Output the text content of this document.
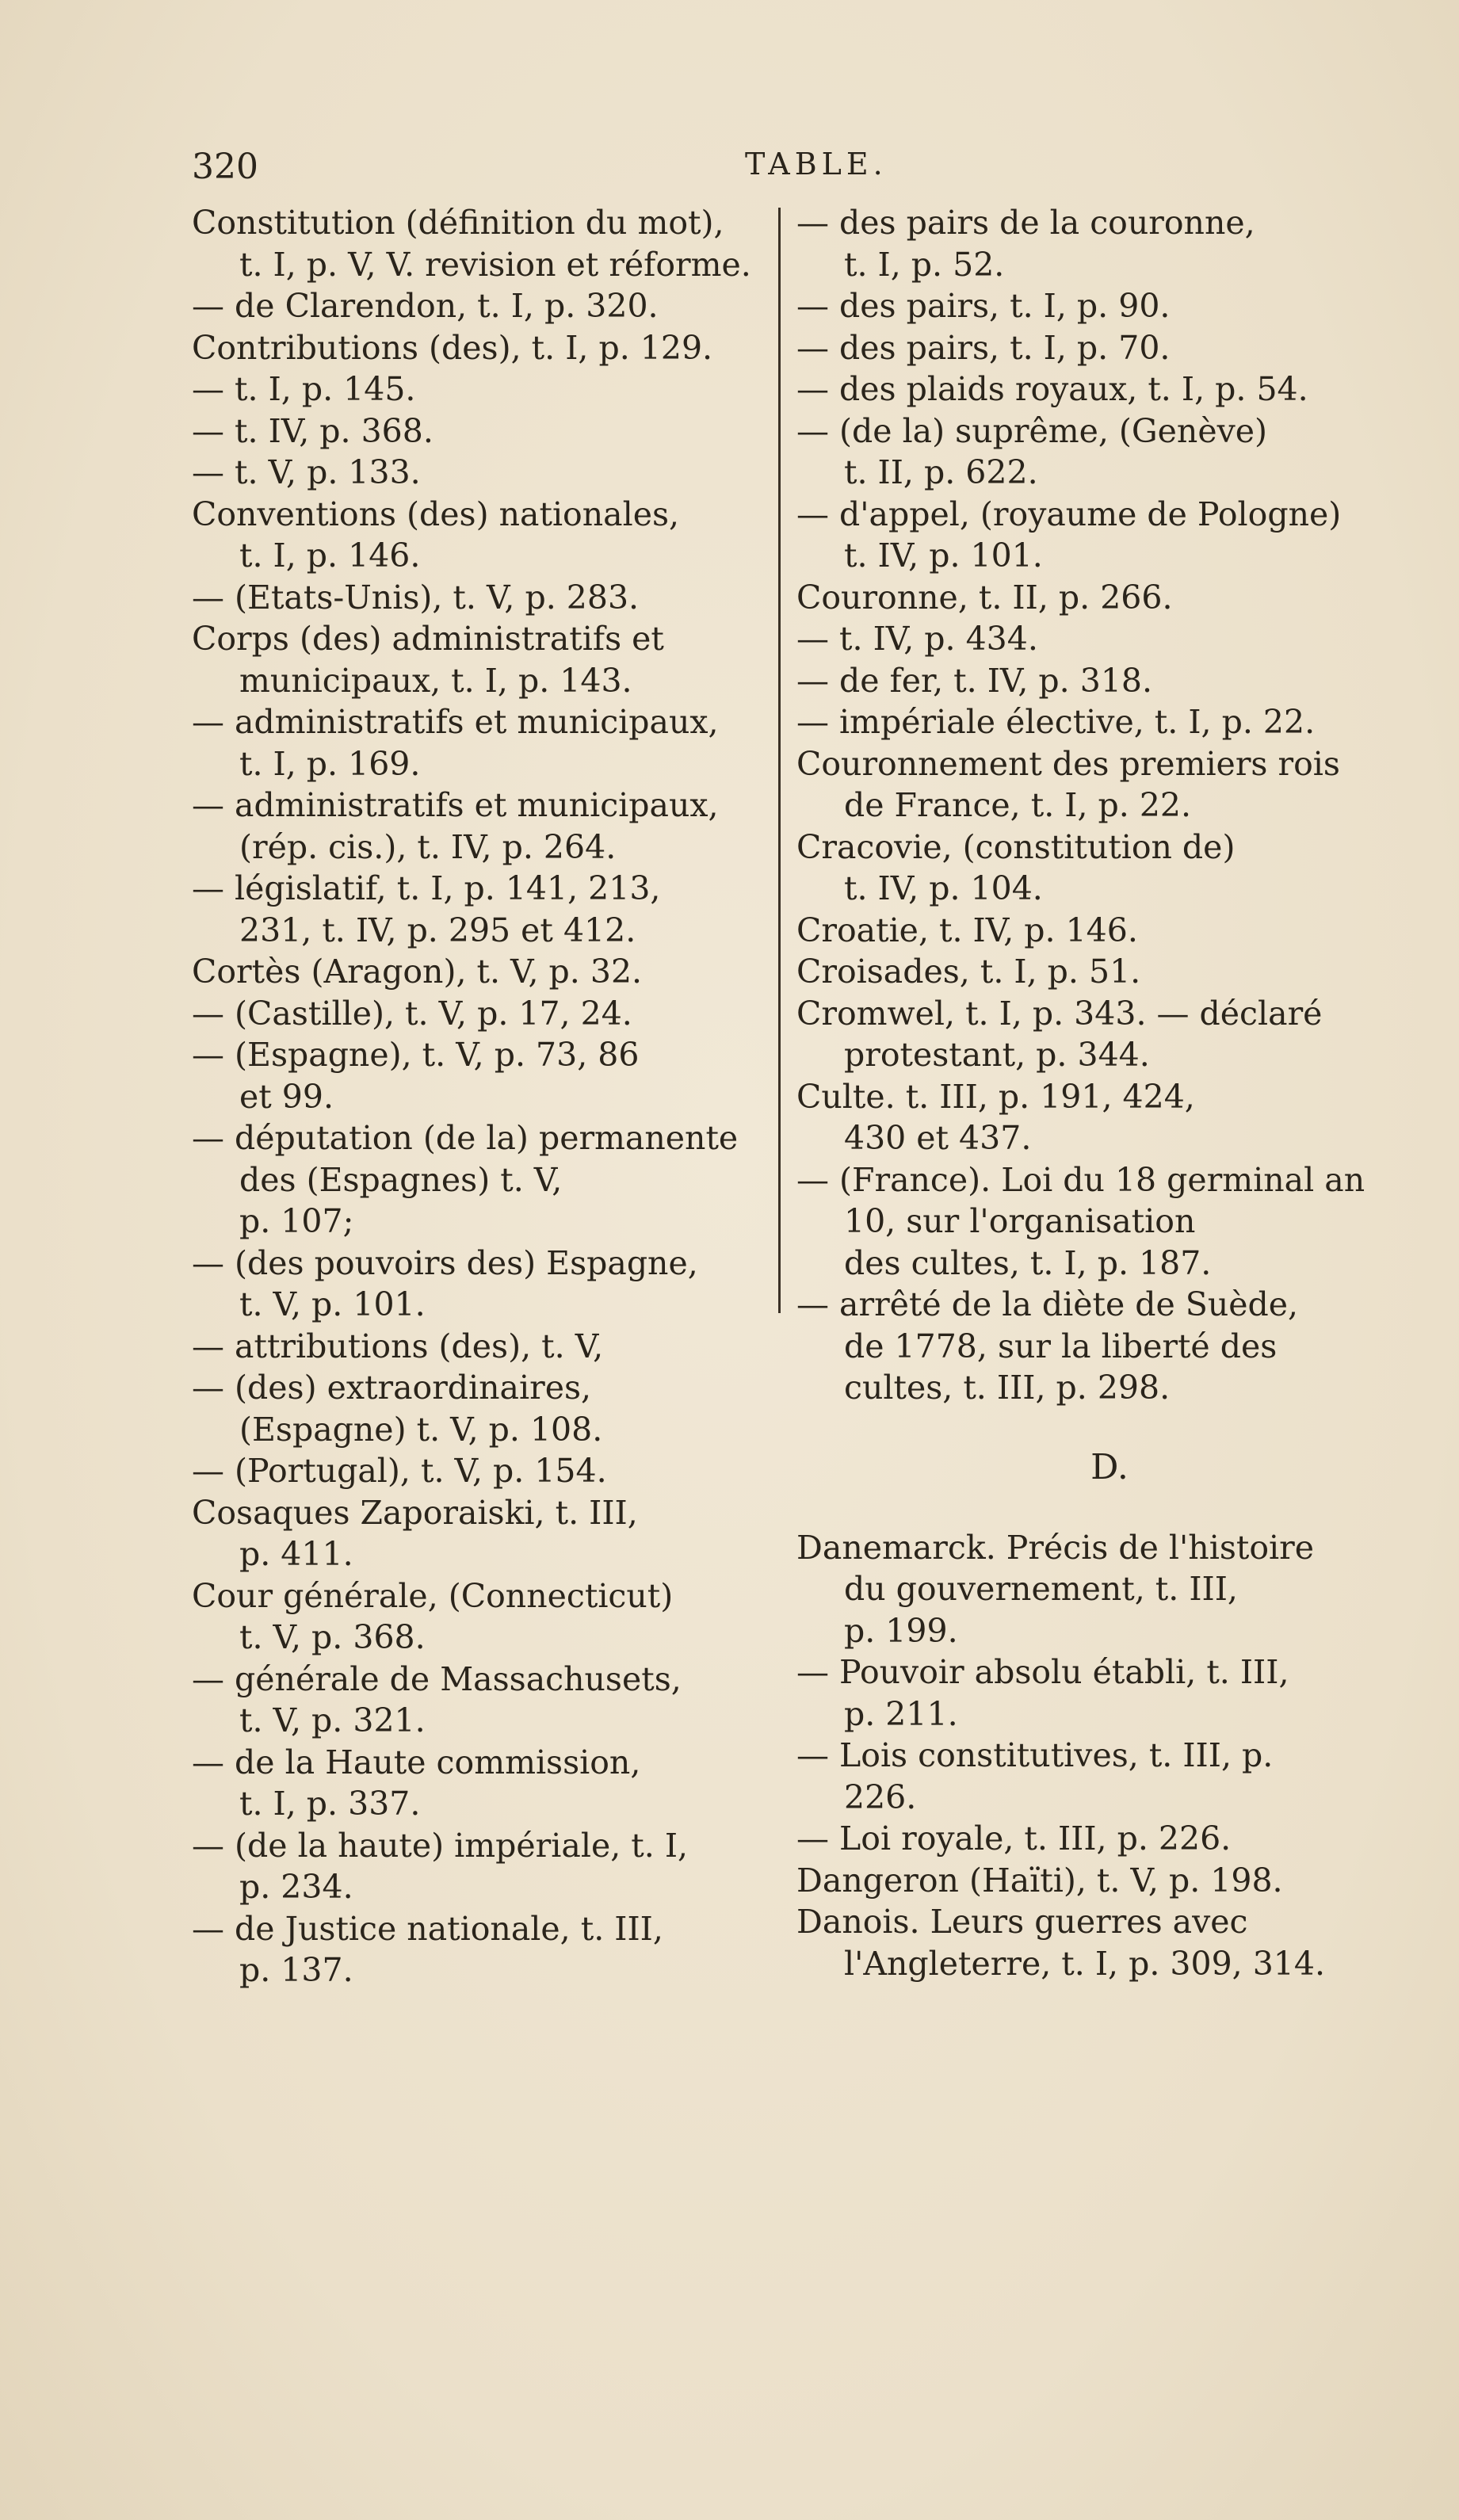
320	TABLE.
Constitution (définition du mot),
t. I, p. V, V. revision et réforme.
— de Clarendon, t. I, p. 320.
Contributions (des), t. I, p. 129.
— t. I, p. 145.
— t. IV, p. 368.
— t. V, p. 133.
Conventions (des) nationales,
t. I, p. 146.
— (Etats-Unis), t. V, p. 283.
Corps (des) administratifs et
municipaux, t. I, p. 143.
— administratifs et municipaux,
t. I, p. 169.
— administratifs et municipaux,
(rép. cis.), t. IV, p. 264.
— législatif, t. I, p. 141, 213,
231, t. IV, p. 295 et 412.
Cortès (Aragon), t. V, p. 32.
— (Castille), t. V, p. 17, 24.
— (Espagne), t. V, p. 73, 86
et 99.
— députation (de la) permanente des (Espagnes) t. V,
p. 107;
— (des pouvoirs des) Espagne,
t. V, p. 101.
— attributions (des), t. V,
— (des) extraordinaires, (Espagne) t. V, p. 108.
— (Portugal), t. V, p. 154.
Cosaques Zaporaiski, t. III,
p. 411.
Cour générale, (Connecticut)
t. V, p. 368.
— générale de Massachusets,
t. V, p. 321.
— de la Haute commission,
t. I, p. 337.
— (de la haute) impériale, t. I,
p. 234.
— de Justice nationale, t. III,
p. 137.
— des pairs de la couronne,
t. I, p. 52.
— des pairs, t. I, p. 90.
— des pairs, t. I, p. 70.
— des plaids royaux, t. I, p. 54.
— (de la) suprême, (Genève)
t. II, p. 622.
— d'appel, (royaume de Pologne) t. IV, p. 101.
Couronne, t. II, p. 266.
— t. IV, p. 434.
— de fer, t. IV, p. 318.
— impériale élective, t. I, p. 22.
Couronnement des premiers rois
de France, t. I, p. 22.
Cracovie, (constitution de)
t. IV, p. 104.
Croatie, t. IV, p. 146.
Croisades, t. I, p. 51.
Cromwel, t. I, p. 343. — déclaré protestant, p. 344.
Culte. t. III, p. 191, 424,
430 et 437.
— (France). Loi du 18 germinal an 10, sur l'organisation
des cultes, t. I, p. 187.
— arrêté de la diète de Suède,
de 1778, sur la liberté des
cultes, t. III, p. 298.
D.
Danemarck. Précis de l'histoire
du gouvernement, t. III,
p. 199.
— Pouvoir absolu établi, t. III,
p. 211.
— Lois constitutives, t. III, p.
226.
— Loi royale, t. III, p. 226.
Dangeron (Haïti), t. V, p. 198.
Danois. Leurs guerres avec l'Angleterre, t. I, p. 309, 314.
